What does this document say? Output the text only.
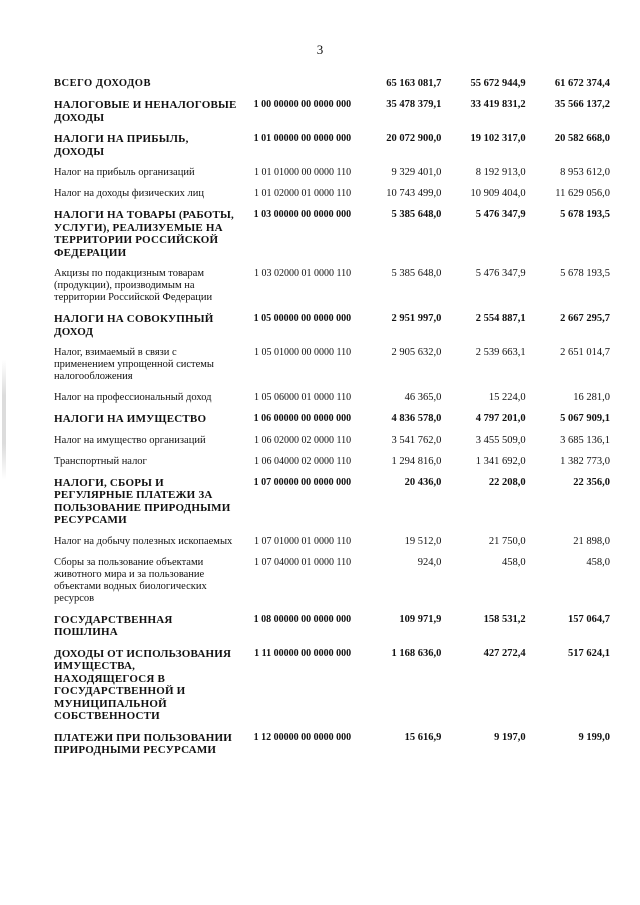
3
ВСЕГО ДОХОДОВ		65 163 081,7	55 672 944,9	61 672 374,4
НАЛОГОВЫЕ И НЕНАЛОГОВЫЕ ДОХОДЫ	1 00 00000 00 0000 000	35 478 379,1	33 419 831,2	35 566 137,2
НАЛОГИ НА ПРИБЫЛЬ, ДОХОДЫ	1 01 00000 00 0000 000	20 072 900,0	19 102 317,0	20 582 668,0
Налог на прибыль организаций	1 01 01000 00 0000 110	9 329 401,0	8 192 913,0	8 953 612,0
Налог на доходы физических лиц	1 01 02000 01 0000 110	10 743 499,0	10 909 404,0	11 629 056,0
НАЛОГИ НА ТОВАРЫ (РАБОТЫ, УСЛУГИ), РЕАЛИЗУЕМЫЕ НА ТЕРРИТОРИИ РОССИЙСКОЙ ФЕДЕРАЦИИ	1 03 00000 00 0000 000	5 385 648,0	5 476 347,9	5 678 193,5
Акцизы по подакцизным товарам (продукции), производимым на территории Российской Федерации	1 03 02000 01 0000 110	5 385 648,0	5 476 347,9	5 678 193,5
НАЛОГИ НА СОВОКУПНЫЙ ДОХОД	1 05 00000 00 0000 000	2 951 997,0	2 554 887,1	2 667 295,7
Налог, взимаемый в связи с применением упрощенной системы налогообложения	1 05 01000 00 0000 110	2 905 632,0	2 539 663,1	2 651 014,7
Налог на профессиональный доход	1 05 06000 01 0000 110	46 365,0	15 224,0	16 281,0
НАЛОГИ НА ИМУЩЕСТВО	1 06 00000 00 0000 000	4 836 578,0	4 797 201,0	5 067 909,1
Налог на имущество организаций	1 06 02000 02 0000 110	3 541 762,0	3 455 509,0	3 685 136,1
Транспортный налог	1 06 04000 02 0000 110	1 294 816,0	1 341 692,0	1 382 773,0
НАЛОГИ, СБОРЫ И РЕГУЛЯРНЫЕ ПЛАТЕЖИ ЗА ПОЛЬЗОВАНИЕ ПРИРОДНЫМИ РЕСУРСАМИ	1 07 00000 00 0000 000	20 436,0	22 208,0	22 356,0
Налог на добычу полезных ископаемых	1 07 01000 01 0000 110	19 512,0	21 750,0	21 898,0
Сборы за пользование объектами животного мира и за пользование объектами водных биологических ресурсов	1 07 04000 01 0000 110	924,0	458,0	458,0
ГОСУДАРСТВЕННАЯ ПОШЛИНА	1 08 00000 00 0000 000	109 971,9	158 531,2	157 064,7
ДОХОДЫ ОТ ИСПОЛЬЗОВАНИЯ ИМУЩЕСТВА, НАХОДЯЩЕГОСЯ В ГОСУДАРСТВЕННОЙ И МУНИЦИПАЛЬНОЙ СОБСТВЕННОСТИ	1 11 00000 00 0000 000	1 168 636,0	427 272,4	517 624,1
ПЛАТЕЖИ ПРИ ПОЛЬЗОВАНИИ ПРИРОДНЫМИ РЕСУРСАМИ	1 12 00000 00 0000 000	15 616,9	9 197,0	9 199,0
